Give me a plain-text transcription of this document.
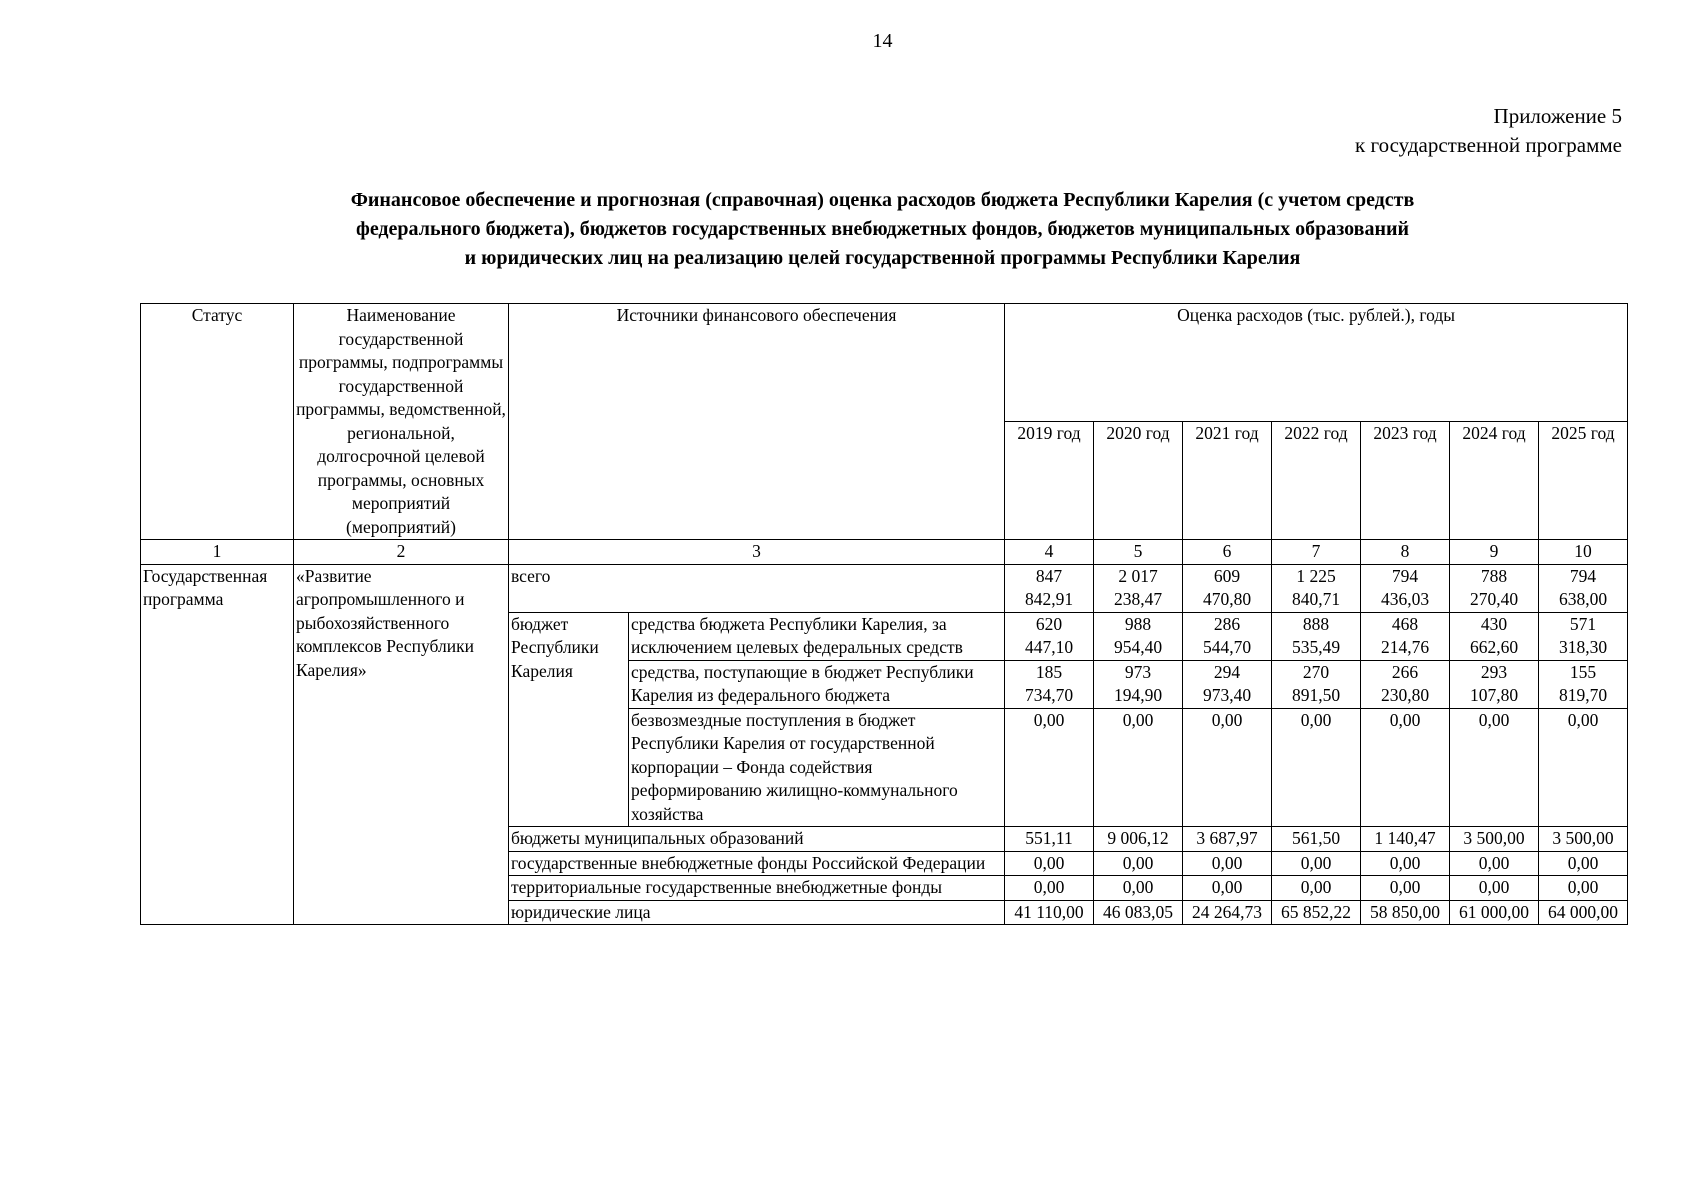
14
Приложение 5
к государственной программе
Финансовое обеспечение и прогнозная (справочная) оценка расходов бюджета Республики Карелия (с учетом средств
федерального бюджета), бюджетов государственных внебюджетных фондов, бюджетов муниципальных образований
и юридических лиц на реализацию целей государственной программы Республики Карелия
Статус	Наименование государственной программы, подпрограммы государственной программы, ведомственной, региональной, долгосрочной целевой программы, основных мероприятий (мероприятий)	Источники финансового обеспечения		Оценка расходов (тыс. рублей.), годы						
				2019 год	2020 год	2021 год	2022 год	2023 год	2024 год	2025 год
1	2	3		4	5	6	7	8	9	10
Государственная программа	«Развитие агропромышленного и рыбохозяйственного комплексов Республики Карелия»	всего		847 842,91	2 017 238,47	609 470,80	1 225 840,71	794 436,03	788 270,40	794 638,00
		бюджет Республики Карелия	средства бюджета Республики Карелия, за исключением целевых федеральных средств	620 447,10	988 954,40	286 544,70	888 535,49	468 214,76	430 662,60	571 318,30
			средства, поступающие в бюджет Республики Карелия из федерального бюджета	185 734,70	973 194,90	294 973,40	270 891,50	266 230,80	293 107,80	155 819,70
			безвозмездные поступления в бюджет Республики Карелия от государственной корпорации – Фонда содействия реформированию жилищно-коммунального хозяйства	0,00	0,00	0,00	0,00	0,00	0,00	0,00
		бюджеты муниципальных образований		551,11	9 006,12	3 687,97	561,50	1 140,47	3 500,00	3 500,00
		государственные внебюджетные фонды Российской Федерации		0,00	0,00	0,00	0,00	0,00	0,00	0,00
		территориальные государственные внебюджетные фонды		0,00	0,00	0,00	0,00	0,00	0,00	0,00
		юридические лица		41 110,00	46 083,05	24 264,73	65 852,22	58 850,00	61 000,00	64 000,00
